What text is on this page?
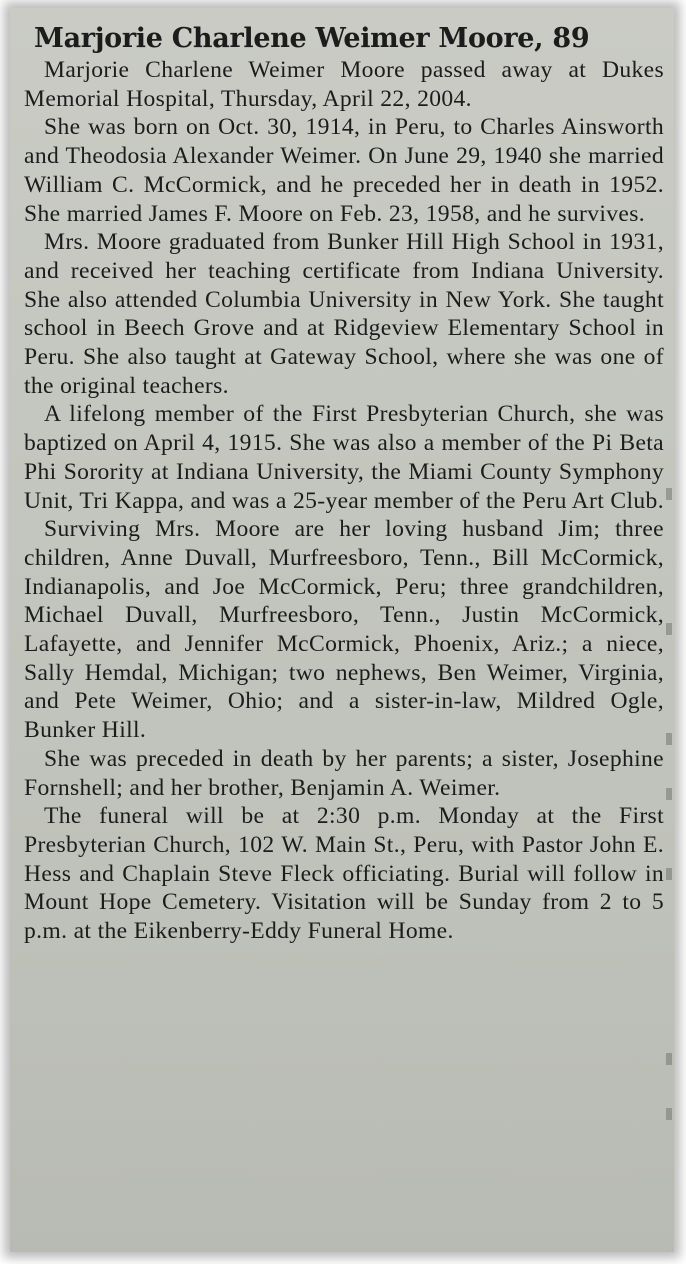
Marjorie Charlene Weimer Moore, 89

Marjorie Charlene Weimer Moore passed away at Dukes Memorial Hospital, Thursday, April 22, 2004.

She was born on Oct. 30, 1914, in Peru, to Charles Ainsworth and Theodosia Alexander Weimer. On June 29, 1940 she married William C. McCormick, and he preceded her in death in 1952. She married James F. Moore on Feb. 23, 1958, and he survives.

Mrs. Moore graduated from Bunker Hill High School in 1931, and received her teaching certificate from Indiana University. She also attended Columbia University in New York. She taught school in Beech Grove and at Ridgeview Elementary School in Peru. She also taught at Gateway School, where she was one of the original teachers.

A lifelong member of the First Presbyterian Church, she was baptized on April 4, 1915. She was also a member of the Pi Beta Phi Sorority at Indiana University, the Miami County Symphony Unit, Tri Kappa, and was a 25-year member of the Peru Art Club.

Surviving Mrs. Moore are her loving husband Jim; three children, Anne Duvall, Murfreesboro, Tenn., Bill McCormick, Indianapolis, and Joe McCormick, Peru; three grandchildren, Michael Duvall, Murfreesboro, Tenn., Justin McCormick, Lafayette, and Jennifer McCormick, Phoenix, Ariz.; a niece, Sally Hemdal, Michigan; two nephews, Ben Weimer, Virginia, and Pete Weimer, Ohio; and a sister-in-law, Mildred Ogle, Bunker Hill.

She was preceded in death by her parents; a sister, Josephine Fornshell; and her brother, Benjamin A. Weimer.

The funeral will be at 2:30 p.m. Monday at the First Presbyterian Church, 102 W. Main St., Peru, with Pastor John E. Hess and Chaplain Steve Fleck officiating. Burial will follow in Mount Hope Cemetery. Visitation will be Sunday from 2 to 5 p.m. at the Eikenberry-Eddy Funeral Home.
